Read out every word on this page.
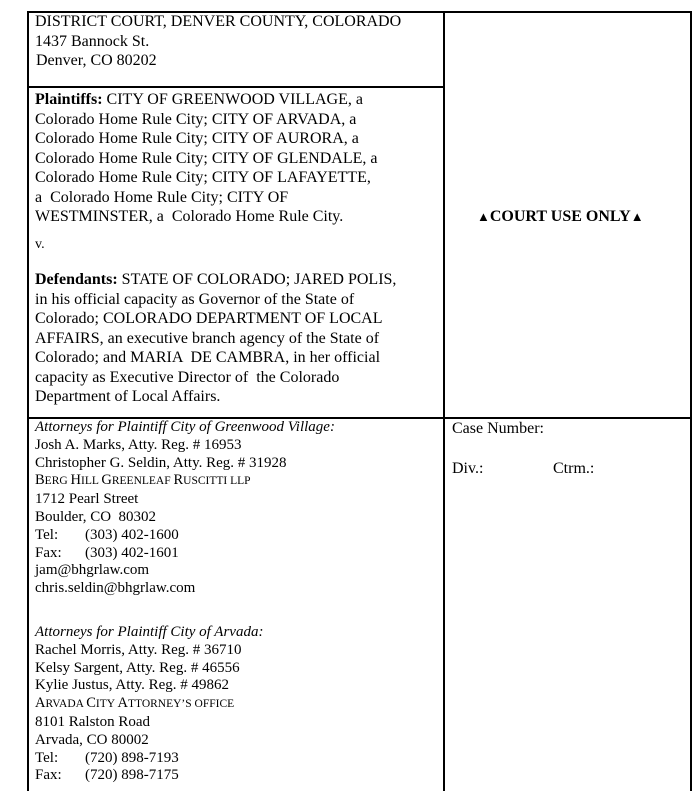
DISTRICT COURT, DENVER COUNTY, COLORADO
1437 Bannock St.
Denver, CO 80202
Plaintiffs: CITY OF GREENWOOD VILLAGE, a
Colorado Home Rule City; CITY OF ARVADA, a
Colorado Home Rule City; CITY OF AURORA, a
Colorado Home Rule City; CITY OF GLENDALE, a
Colorado Home Rule City; CITY OF LAFAYETTE,
a  Colorado Home Rule City; CITY OF
WESTMINSTER, a  Colorado Home Rule City.
v.
Defendants: STATE OF COLORADO; JARED POLIS,
in his official capacity as Governor of the State of
Colorado; COLORADO DEPARTMENT OF LOCAL
AFFAIRS, an executive branch agency of the State of
Colorado; and MARIA  DE CAMBRA, in her official
capacity as Executive Director of  the Colorado
Department of Local Affairs.
▲COURT USE ONLY▲
Case Number:
Div.:	Ctrm.:
Attorneys for Plaintiff City of Greenwood Village:
Josh A. Marks, Atty. Reg. # 16953
Christopher G. Seldin, Atty. Reg. # 31928
BERG HILL GREENLEAF RUSCITTI LLP
1712 Pearl Street
Boulder, CO  80302
Tel: (303) 402-1600
Fax: (303) 402-1601
jam@bhgrlaw.com
chris.seldin@bhgrlaw.com
Attorneys for Plaintiff City of Arvada:
Rachel Morris, Atty. Reg. # 36710
Kelsy Sargent, Atty. Reg. # 46556
Kylie Justus, Atty. Reg. # 49862
ARVADA CITY ATTORNEY’S OFFICE
8101 Ralston Road
Arvada, CO 80002
Tel: (720) 898-7193
Fax: (720) 898-7175
